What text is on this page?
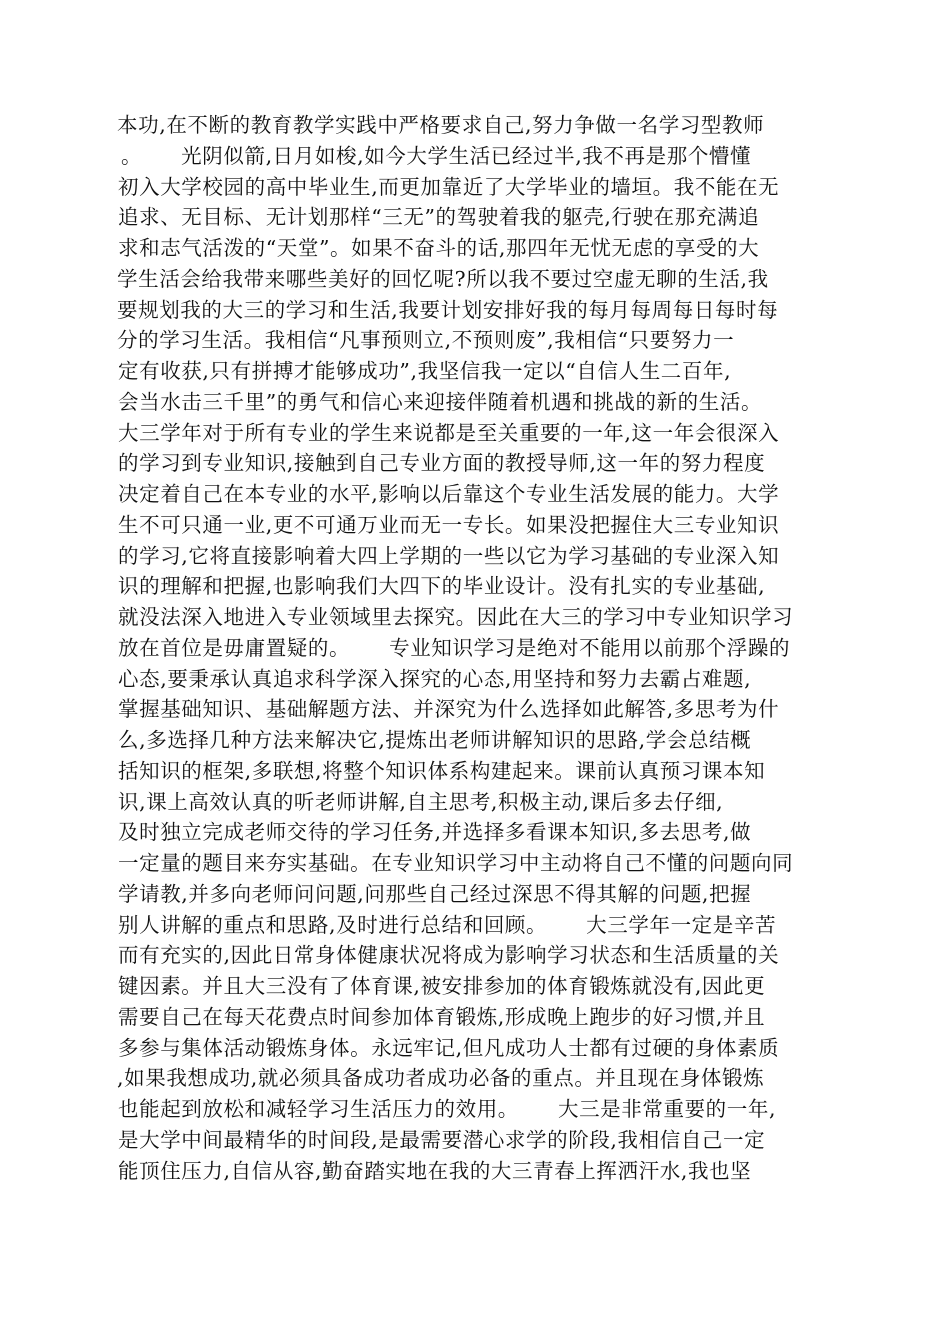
本功,在不断的教育教学实践中严格要求自己,努力争做一名学习型教师
。　　 光阴似箭,日月如梭,如今大学生活已经过半,我不再是那个懵懂
初入大学校园的高中毕业生,而更加靠近了大学毕业的墙垣。我不能在无
追求、无目标、无计划那样“三无”的驾驶着我的躯壳,行驶在那充满追
求和志气活泼的“天堂”。如果不奋斗的话,那四年无忧无虑的享受的大
学生活会给我带来哪些美好的回忆呢?所以我不要过空虚无聊的生活,我
要规划我的大三的学习和生活,我要计划安排好我的每月每周每日每时每
分的学习生活。我相信“凡事预则立,不预则废”,我相信“只要努力一
定有收获,只有拼搏才能够成功”,我坚信我一定以“自信人生二百年,
会当水击三千里”的勇气和信心来迎接伴随着机遇和挑战的新的生活。
大三学年对于所有专业的学生来说都是至关重要的一年,这一年会很深入
的学习到专业知识,接触到自己专业方面的教授导师,这一年的努力程度
决定着自己在本专业的水平,影响以后靠这个专业生活发展的能力。大学
生不可只通一业,更不可通万业而无一专长。如果没把握住大三专业知识
的学习,它将直接影响着大四上学期的一些以它为学习基础的专业深入知
识的理解和把握,也影响我们大四下的毕业设计。没有扎实的专业基础,
就没法深入地进入专业领域里去探究。因此在大三的学习中专业知识学习
放在首位是毋庸置疑的。　　 专业知识学习是绝对不能用以前那个浮躁的
心态,要秉承认真追求科学深入探究的心态,用坚持和努力去霸占难题,
掌握基础知识、基础解题方法、并深究为什么选择如此解答,多思考为什
么,多选择几种方法来解决它,提炼出老师讲解知识的思路,学会总结概
括知识的框架,多联想,将整个知识体系构建起来。课前认真预习课本知
识,课上高效认真的听老师讲解,自主思考,积极主动,课后多去仔细,
及时独立完成老师交待的学习任务,并选择多看课本知识,多去思考,做
一定量的题目来夯实基础。在专业知识学习中主动将自己不懂的问题向同
学请教,并多向老师问问题,问那些自己经过深思不得其解的问题,把握
别人讲解的重点和思路,及时进行总结和回顾。　　 大三学年一定是辛苦
而有充实的,因此日常身体健康状况将成为影响学习状态和生活质量的关
键因素。并且大三没有了体育课,被安排参加的体育锻炼就没有,因此更
需要自己在每天花费点时间参加体育锻炼,形成晚上跑步的好习惯,并且
多参与集体活动锻炼身体。永远牢记,但凡成功人士都有过硬的身体素质
,如果我想成功,就必须具备成功者成功必备的重点。并且现在身体锻炼
也能起到放松和减轻学习生活压力的效用。　　 大三是非常重要的一年,
是大学中间最精华的时间段,是最需要潜心求学的阶段,我相信自己一定
能顶住压力,自信从容,勤奋踏实地在我的大三青春上挥洒汗水,我也坚
